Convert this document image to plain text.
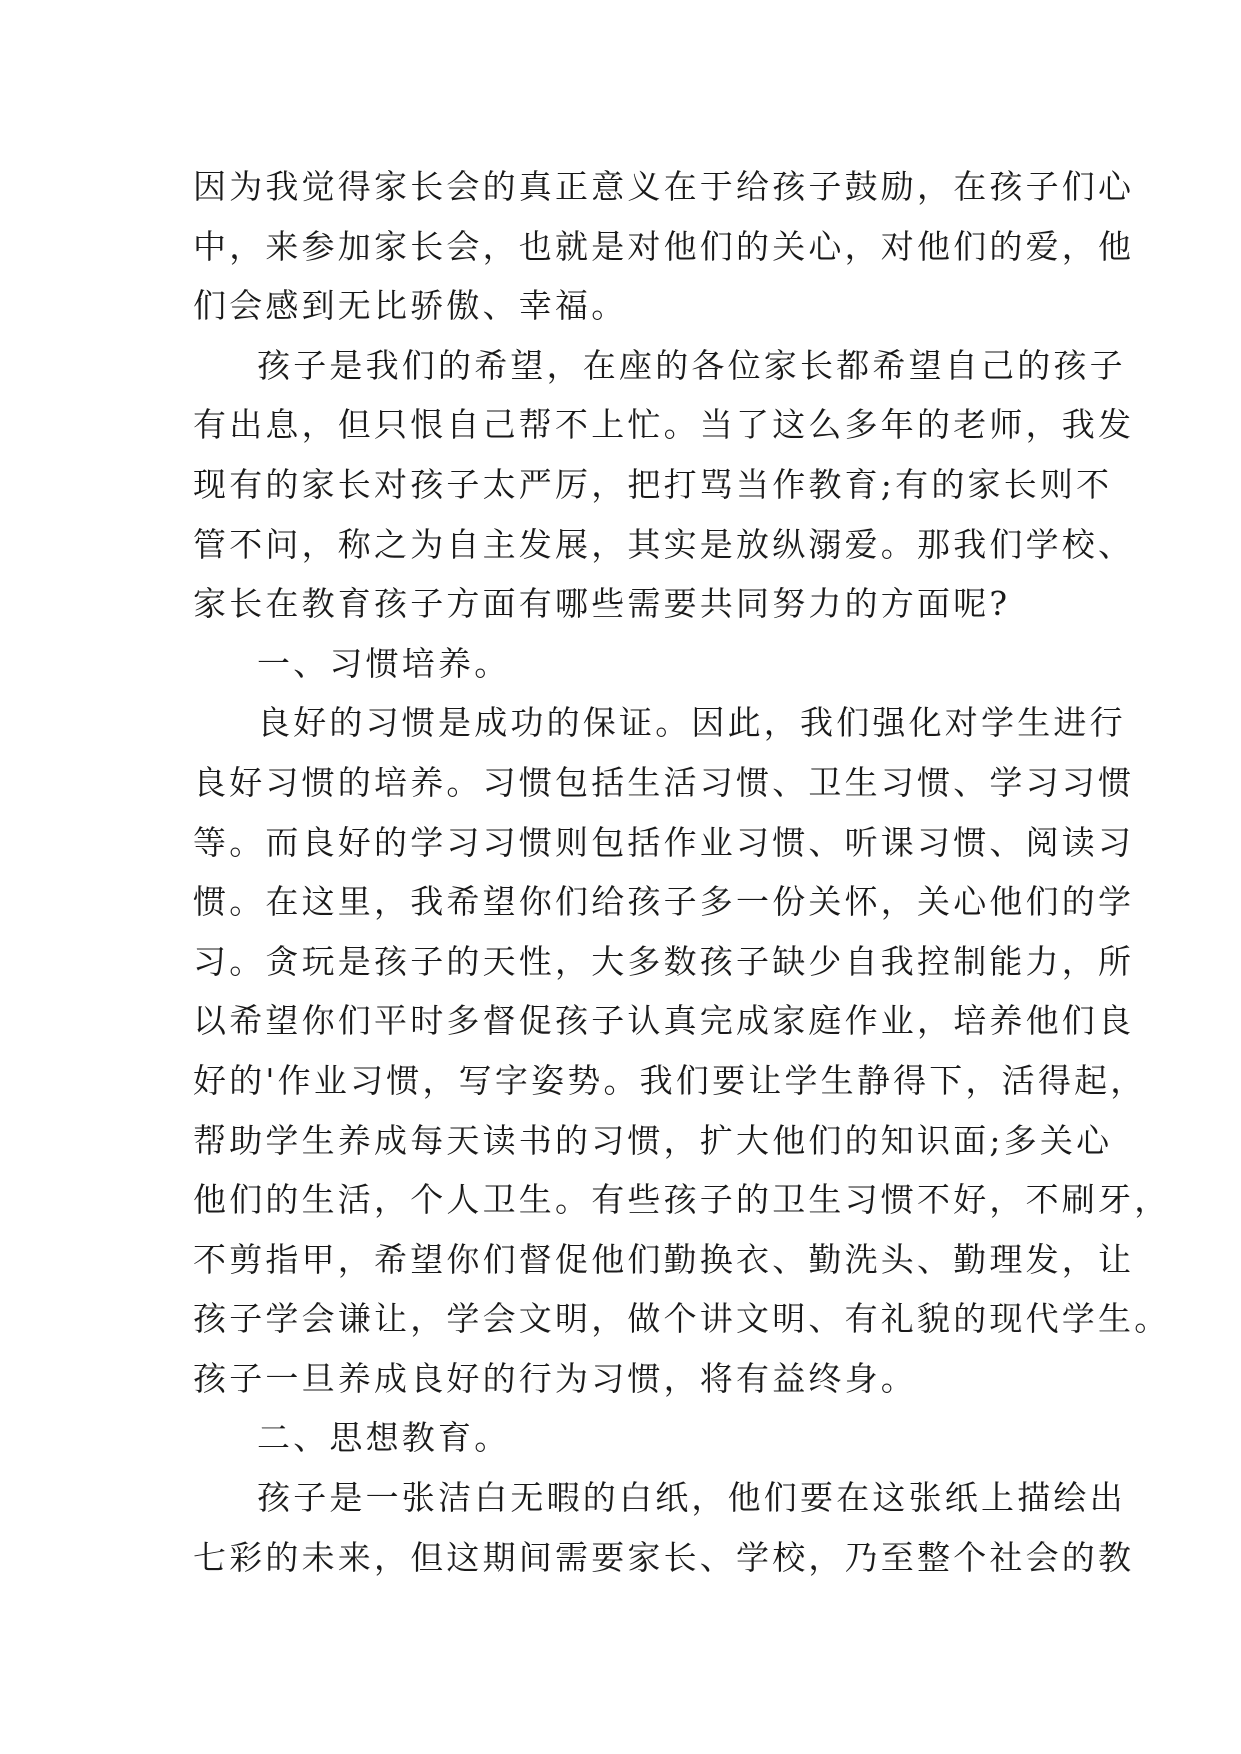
因为我觉得家长会的真正意义在于给孩子鼓励，在孩子们心
中，来参加家长会，也就是对他们的关心，对他们的爱，他
们会感到无比骄傲、幸福。
孩子是我们的希望，在座的各位家长都希望自己的孩子
有出息，但只恨自己帮不上忙。当了这么多年的老师，我发
现有的家长对孩子太严厉，把打骂当作教育;有的家长则不
管不问，称之为自主发展，其实是放纵溺爱。那我们学校、
家长在教育孩子方面有哪些需要共同努力的方面呢?
一、习惯培养。
良好的习惯是成功的保证。因此，我们强化对学生进行
良好习惯的培养。习惯包括生活习惯、卫生习惯、学习习惯
等。而良好的学习习惯则包括作业习惯、听课习惯、阅读习
惯。在这里，我希望你们给孩子多一份关怀，关心他们的学
习。贪玩是孩子的天性，大多数孩子缺少自我控制能力，所
以希望你们平时多督促孩子认真完成家庭作业，培养他们良
好的'作业习惯，写字姿势。我们要让学生静得下，活得起，
帮助学生养成每天读书的习惯，扩大他们的知识面;多关心
他们的生活，个人卫生。有些孩子的卫生习惯不好，不刷牙，
不剪指甲，希望你们督促他们勤换衣、勤洗头、勤理发，让
孩子学会谦让，学会文明，做个讲文明、有礼貌的现代学生。
孩子一旦养成良好的行为习惯，将有益终身。
二、思想教育。
孩子是一张洁白无暇的白纸，他们要在这张纸上描绘出
七彩的未来，但这期间需要家长、学校，乃至整个社会的教
